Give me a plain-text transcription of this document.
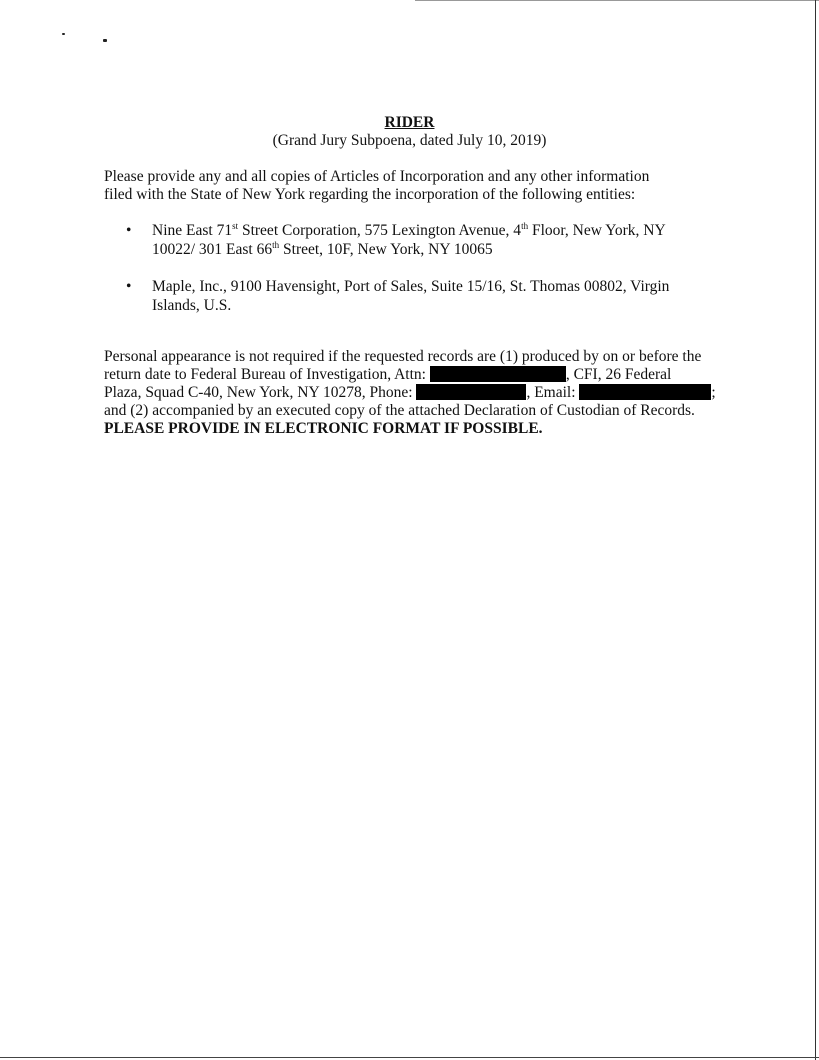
RIDER
(Grand Jury Subpoena, dated July 10, 2019)
Please provide any and all copies of Articles of Incorporation and any other information
filed with the State of New York regarding the incorporation of the following entities:
• Nine East 71st Street Corporation, 575 Lexington Avenue, 4th Floor, New York, NY
10022/ 301 East 66th Street, 10F, New York, NY 10065
• Maple, Inc., 9100 Havensight, Port of Sales, Suite 15/16, St. Thomas 00802, Virgin
Islands, U.S.
Personal appearance is not required if the requested records are (1) produced by on or before the
return date to Federal Bureau of Investigation, Attn:	, CFI, 26 Federal
Plaza, Squad C-40, New York, NY 10278, Phone:	, Email:	;
and (2) accompanied by an executed copy of the attached Declaration of Custodian of Records.
PLEASE PROVIDE IN ELECTRONIC FORMAT IF POSSIBLE.
